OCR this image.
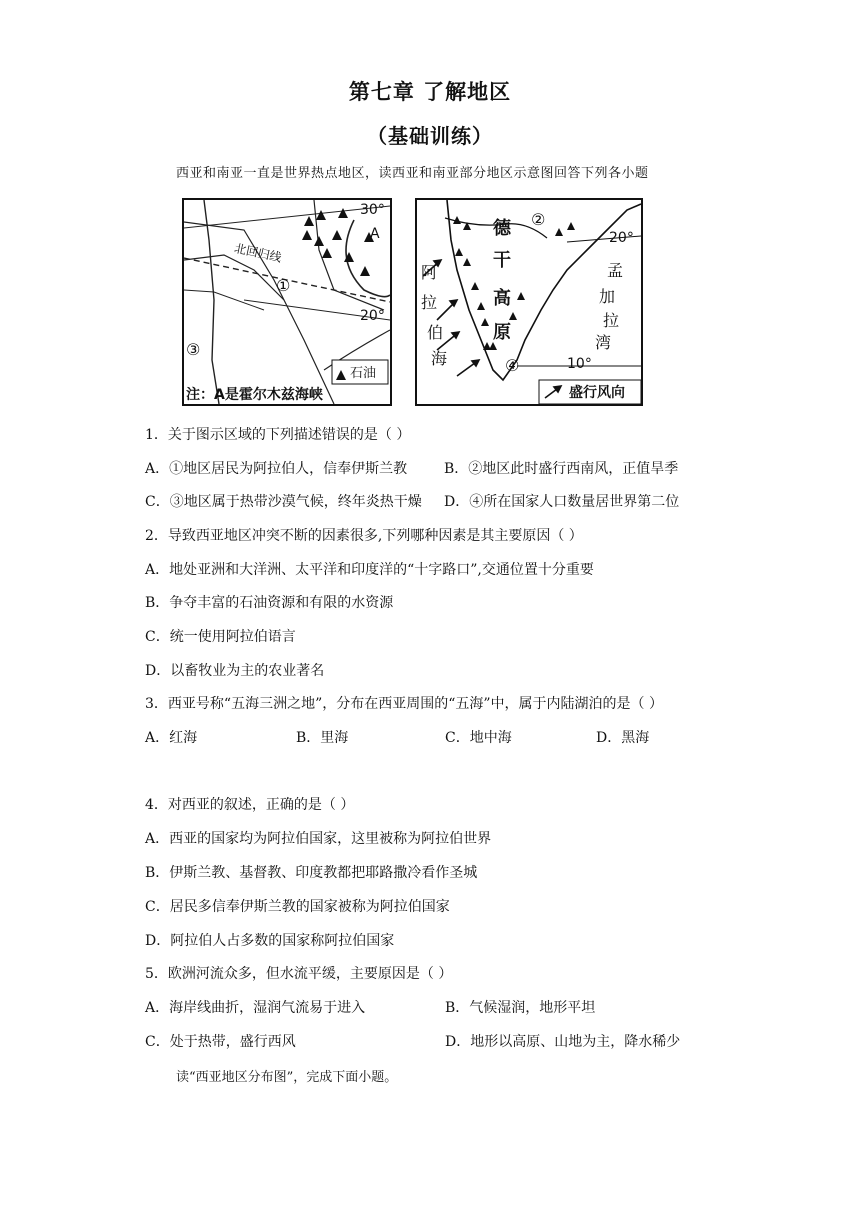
第七章 了解地区
（基础训练）
西亚和南亚一直是世界热点地区，读西亚和南亚部分地区示意图回答下列各小题
30°
A
北回归线
①
20°
③
石油
注：A是霍尔木兹海峡
德
干
高
原
阿
拉
伯
海
孟
加
拉
湾
②
④
20°
10°
盛行风向
1．关于图示区域的下列描述错误的是（ ）
A．①地区居民为阿拉伯人，信奉伊斯兰教	B．②地区此时盛行西南风，正值旱季
C．③地区属于热带沙漠气候，终年炎热干燥 D．④所在国家人口数量居世界第二位
2．导致西亚地区冲突不断的因素很多,下列哪种因素是其主要原因（ ）
A．地处亚洲和大洋洲、太平洋和印度洋的“十字路口”,交通位置十分重要
B．争夺丰富的石油资源和有限的水资源
C．统一使用阿拉伯语言
D．以畜牧业为主的农业著名
3．西亚号称“五海三洲之地”，分布在西亚周围的“五海”中，属于内陆湖泊的是（ ）
A．红海	B．里海	C．地中海	D．黑海
4．对西亚的叙述，正确的是（ ）
A．西亚的国家均为阿拉伯国家，这里被称为阿拉伯世界
B．伊斯兰教、基督教、印度教都把耶路撒冷看作圣城
C．居民多信奉伊斯兰教的国家被称为阿拉伯国家
D．阿拉伯人占多数的国家称阿拉伯国家
5．欧洲河流众多，但水流平缓，主要原因是（ ）
A．海岸线曲折，湿润气流易于进入	B．气候湿润，地形平坦
C．处于热带，盛行西风	D．地形以高原、山地为主，降水稀少
读“西亚地区分布图”，完成下面小题。
